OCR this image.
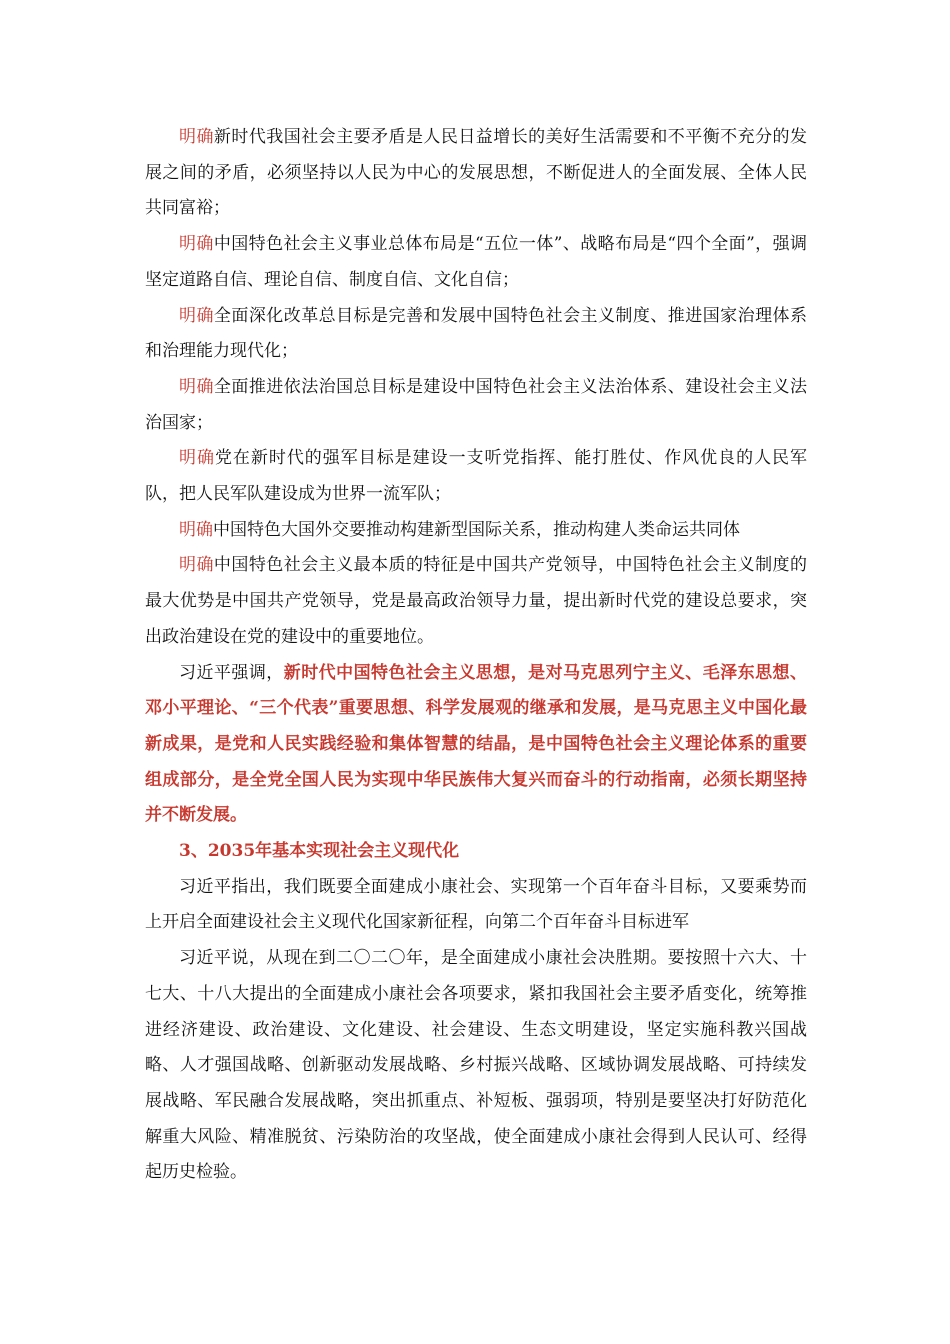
明确新时代我国社会主要矛盾是人民日益增长的美好生活需要和不平衡不充分的发展之间的矛盾，必须坚持以人民为中心的发展思想，不断促进人的全面发展、全体人民共同富裕；

明确中国特色社会主义事业总体布局是“五位一体”、战略布局是“四个全面”，强调坚定道路自信、理论自信、制度自信、文化自信；

明确全面深化改革总目标是完善和发展中国特色社会主义制度、推进国家治理体系和治理能力现代化；

明确全面推进依法治国总目标是建设中国特色社会主义法治体系、建设社会主义法治国家；

明确党在新时代的强军目标是建设一支听党指挥、能打胜仗、作风优良的人民军队，把人民军队建设成为世界一流军队；

明确中国特色大国外交要推动构建新型国际关系，推动构建人类命运共同体

明确中国特色社会主义最本质的特征是中国共产党领导，中国特色社会主义制度的最大优势是中国共产党领导，党是最高政治领导力量，提出新时代党的建设总要求，突出政治建设在党的建设中的重要地位。

习近平强调，新时代中国特色社会主义思想，是对马克思列宁主义、毛泽东思想、邓小平理论、“三个代表”重要思想、科学发展观的继承和发展，是马克思主义中国化最新成果，是党和人民实践经验和集体智慧的结晶，是中国特色社会主义理论体系的重要组成部分，是全党全国人民为实现中华民族伟大复兴而奋斗的行动指南，必须长期坚持并不断发展。

3、2035年基本实现社会主义现代化

习近平指出，我们既要全面建成小康社会、实现第一个百年奋斗目标，又要乘势而上开启全面建设社会主义现代化国家新征程，向第二个百年奋斗目标进军

习近平说，从现在到二〇二〇年，是全面建成小康社会决胜期。要按照十六大、十七大、十八大提出的全面建成小康社会各项要求，紧扣我国社会主要矛盾变化，统筹推进经济建设、政治建设、文化建设、社会建设、生态文明建设，坚定实施科教兴国战略、人才强国战略、创新驱动发展战略、乡村振兴战略、区域协调发展战略、可持续发展战略、军民融合发展战略，突出抓重点、补短板、强弱项，特别是要坚决打好防范化解重大风险、精准脱贫、污染防治的攻坚战，使全面建成小康社会得到人民认可、经得起历史检验。
